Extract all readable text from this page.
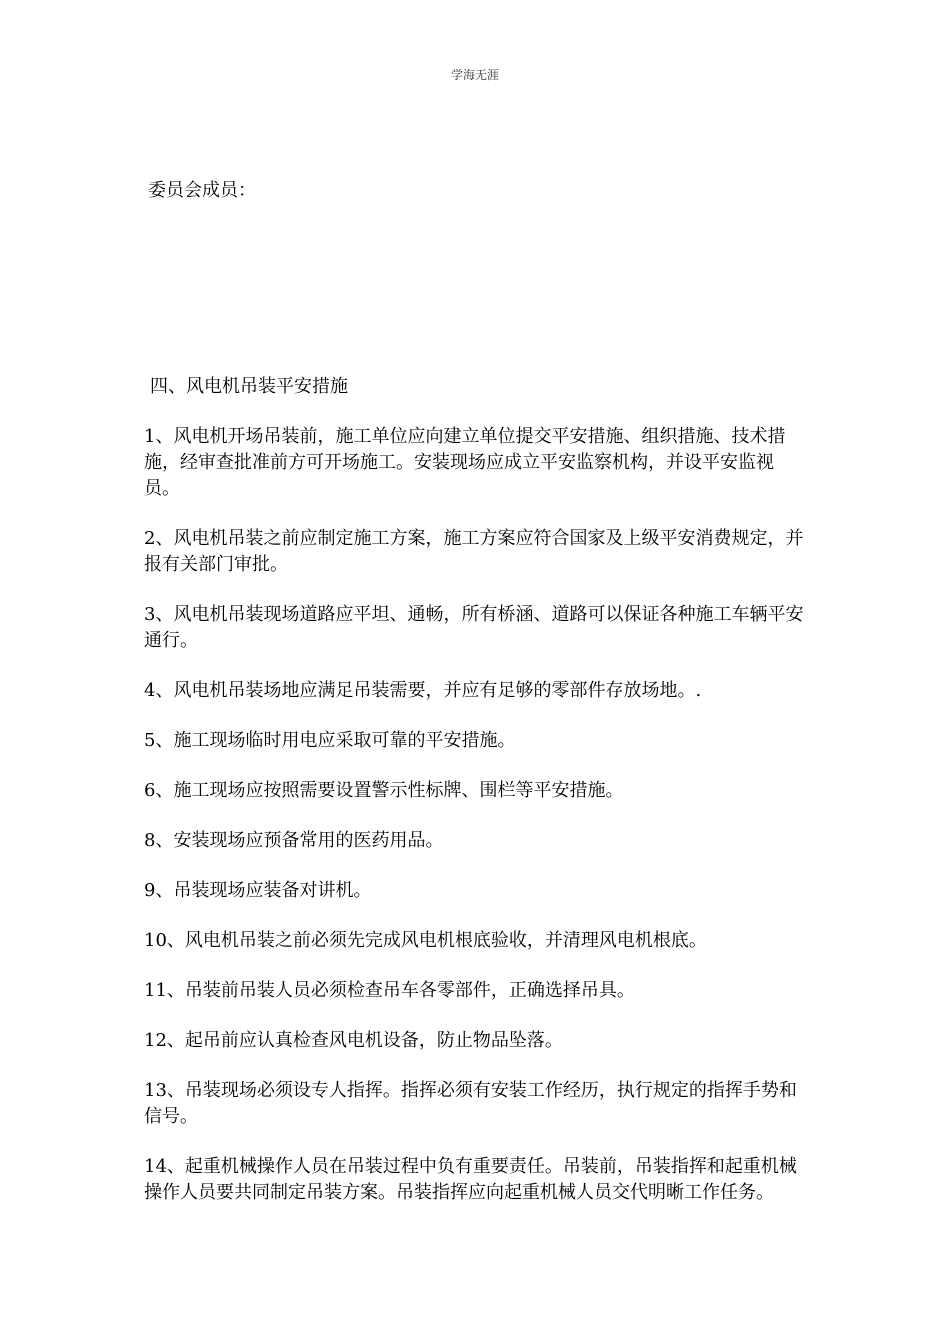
学海无涯
委员会成员：

四、风电机吊装平安措施

1、风电机开场吊装前，施工单位应向建立单位提交平安措施、组织措施、技术措施，经审查批准前方可开场施工。安装现场应成立平安监察机构，并设平安监视员。

2、风电机吊装之前应制定施工方案，施工方案应符合国家及上级平安消费规定，并报有关部门审批。

3、风电机吊装现场道路应平坦、通畅，所有桥涵、道路可以保证各种施工车辆平安通行。

4、风电机吊装场地应满足吊装需要，并应有足够的零部件存放场地。.

5、施工现场临时用电应采取可靠的平安措施。

6、施工现场应按照需要设置警示性标牌、围栏等平安措施。

8、安装现场应预备常用的医药用品。

9、吊装现场应装备对讲机。

10、风电机吊装之前必须先完成风电机根底验收，并清理风电机根底。

11、吊装前吊装人员必须检查吊车各零部件，正确选择吊具。

12、起吊前应认真检查风电机设备，防止物品坠落。

13、吊装现场必须设专人指挥。指挥必须有安装工作经历，执行规定的指挥手势和信号。

14、起重机械操作人员在吊装过程中负有重要责任。吊装前，吊装指挥和起重机械操作人员要共同制定吊装方案。吊装指挥应向起重机械人员交代明晰工作任务。
